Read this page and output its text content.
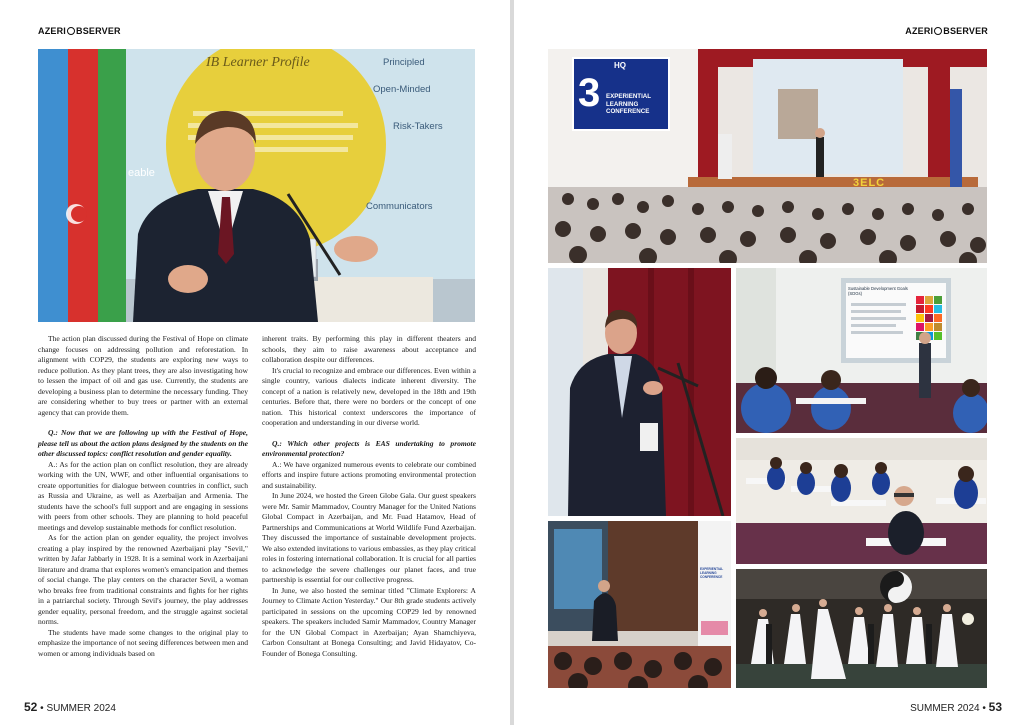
AZERI BSERVER
IB Learner Profile	Principled
Open-Minded
Risk-Takers
Communicators
eable

The action plan discussed during the Festival of Hope on climate change focuses on addressing pollution and reforestation. In alignment with COP29, the students are exploring new ways to reduce pollution. As they plant trees, they are also investigating how to lessen the impact of oil and gas use. Currently, the students are developing a business plan to determine the necessary funding. They are considering whether to buy trees or partner with an external agency that can provide them.

Q.: Now that we are following up with the Festival of Hope, please tell us about the action plans designed by the students on the other discussed topics: conflict resolution and gender equality.

A.: As for the action plan on conflict resolution, they are already working with the UN, WWF, and other influential organisations to create opportunities for dialogue between countries in conflict, such as Russia and Ukraine, as well as Azerbaijan and Armenia. The students have the school's full support and are engaging in sessions with peers from other schools. They are planning to hold peaceful meetings and develop sustainable methods for conflict resolution.

As for the action plan on gender equality, the project involves creating a play inspired by the renowned Azerbaijani play "Sevil," written by Jafar Jabbarly in 1928. It is a seminal work in Azerbaijani literature and drama that explores women's emancipation and themes of social change. The play centers on the character Sevil, a woman who breaks free from traditional constraints and fights for her rights in a patriarchal society. Through Sevil's journey, the play addresses gender equality, personal freedom, and the struggle against societal norms.

The students have made some changes to the original play to emphasize the importance of not seeing differences between men and women or among individuals based on

inherent traits. By performing this play in different theaters and schools, they aim to raise awareness about acceptance and collaboration despite our differences.

It's crucial to recognize and embrace our differences. Even within a single country, various dialects indicate inherent diversity. The concept of a nation is relatively new, developed in the 18th and 19th centuries. Before that, there were no borders or the concept of one nation. This historical context underscores the importance of cooperation and understanding in our diverse world.

Q.: Which other projects is EAS undertaking to promote environmental protection?

A.: We have organized numerous events to celebrate our combined efforts and inspire future actions promoting environmental protection and sustainability.

In June 2024, we hosted the Green Globe Gala. Our guest speakers were Mr. Samir Mammadov, Country Manager for the United Nations Global Compact in Azerbaijan, and Mr. Fuad Hatamov, Head of Partnerships and Communications at World Wildlife Fund Azerbaijan. They discussed the importance of sustainable development projects. We also extended invitations to various embassies, as they play critical roles in fostering international collaboration. It is crucial for all parties to acknowledge the severe challenges our planet faces, and true partnership is essential for our collective progress.

In June, we also hosted the seminar titled "Climate Explorers: A Journey to Climate Action Yesterday." Our 8th grade students actively participated in sessions on the upcoming COP29 led by renowned speakers. The speakers included Samir Mammadov, Country Manager for the UN Global Compact in Azerbaijan; Ayan Shamchiyeva, Carbon Consultant at Bonega Consulting; and Javid Hidayatov, Co-Founder of Bonega Consulting.

52 • SUMMER 2024
AZERI BSERVER
HQ
3 EXPERIENTIAL
LEARNING
CONFERENCE
3ELC
Sustainable Development Goals (SDGs)
EXPERIENTIAL LEARNING CONFERENCE
SUMMER 2024 • 53
